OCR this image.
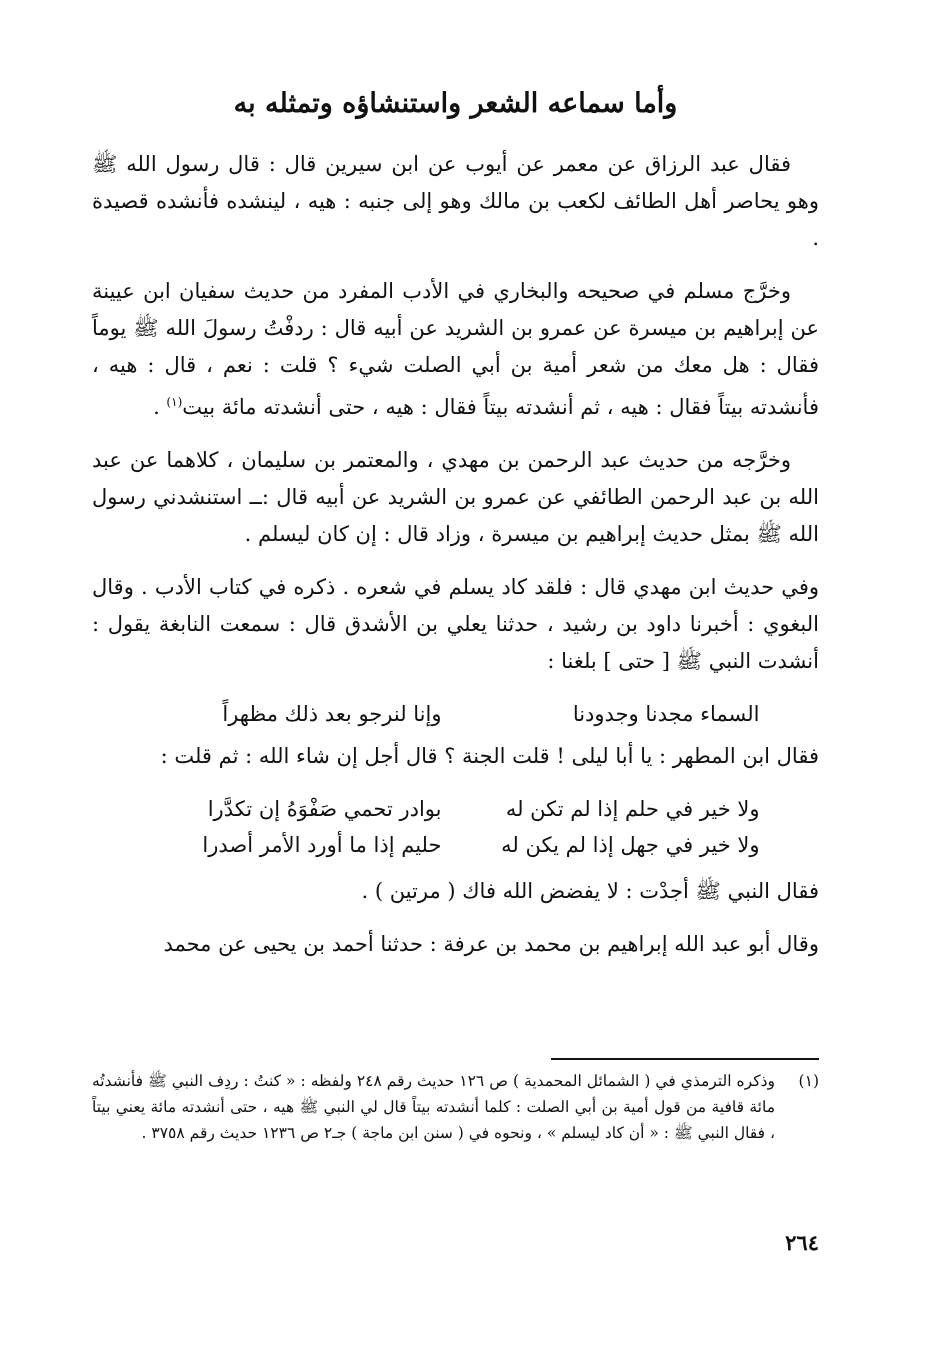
وأما سماعه الشعر واستنشاؤه وتمثله به

فقال عبد الرزاق عن معمر عن أيوب عن ابن سيرين قال : قال رسول الله ﷺ وهو يحاصر أهل الطائف لكعب بن مالك وهو إلى جنبه : هيه ، لينشده فأنشده قصيدة .

وخرَّج مسلم في صحيحه والبخاري في الأدب المفرد من حديث سفيان ابن عيينة عن إبراهيم بن ميسرة عن عمرو بن الشريد عن أبيه قال : ردفْتُ رسولَ الله ﷺ يوماً فقال : هل معك من شعر أمية بن أبي الصلت شيء ؟ قلت : نعم ، قال : هيه ، فأنشدته بيتاً فقال : هيه ، ثم أنشدته بيتاً فقال : هيه ، حتى أنشدته مائة بيت$^{(١)}$ .

وخرَّجه من حديث عبد الرحمن بن مهدي ، والمعتمر بن سليمان ، كلاهما عن عبد الله بن عبد الرحمن الطائفي عن عمرو بن الشريد عن أبيه قال :ــ استنشدني رسول الله ﷺ بمثل حديث إبراهيم بن ميسرة ، وزاد قال : إن كان ليسلم .

وفي حديث ابن مهدي قال : فلقد كاد يسلم في شعره . ذكره في كتاب الأدب . وقال البغوي : أخبرنا داود بن رشيد ، حدثنا يعلي بن الأشدق قال : سمعت النابغة يقول : أنشدت النبي ﷺ [ حتى ] بلغنا :

السماء مجدنا وجدودنا
وإنا لنرجو بعد ذلك مظهراً

فقال ابن المطهر : يا أبا ليلى ! قلت الجنة ؟ قال أجل إن شاء الله : ثم قلت :

ولا خير في حلم إذا لم تكن له
بوادر تحمي صَفْوَهُ إن تكدَّرا
ولا خير في جهل إذا لم يكن له
حليم إذا ما أورد الأمر أصدرا

فقال النبي ﷺ أجدْت : لا يفضض الله فاك ( مرتين ) .

وقال أبو عبد الله إبراهيم بن محمد بن عرفة : حدثنا أحمد بن يحيى عن محمد

(١)
وذكره الترمذي في ( الشمائل المحمدية ) ص ١٢٦ حديث رقم ٢٤٨ ولفظه : « كنتُ : ردِف النبي ﷺ فأنشدتُه مائة قافية من قول أمية بن أبي الصلت : كلما أنشدته بيتاً قال لي النبي ﷺ هيه ، حتى أنشدته مائة يعني بيتاً ، فقال النبي ﷺ : « أن كاد ليسلم » ، ونحوه في ( سنن ابن ماجة ) جـ٢ ص ١٢٣٦ حديث رقم ٣٧٥٨ .
٢٦٤
